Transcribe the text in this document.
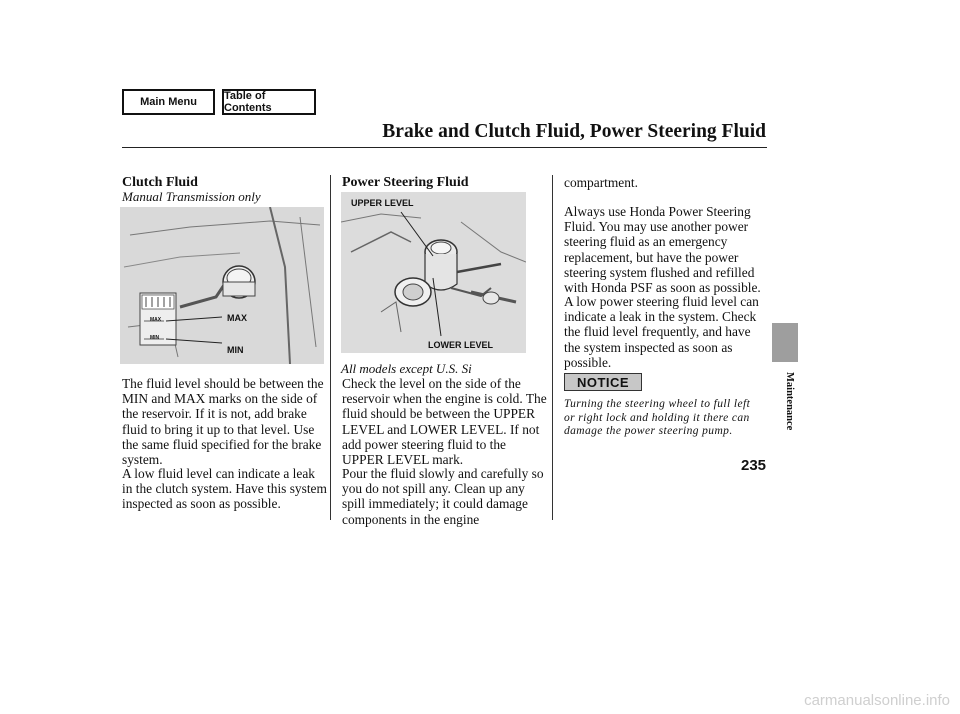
Main Menu	Table of Contents
Brake and Clutch Fluid, Power Steering Fluid
Clutch Fluid
Manual Transmission only
MAX
MIN
MAX
MIN
The fluid level should be between the MIN and MAX marks on the side of the reservoir. If it is not, add brake fluid to bring it up to that level. Use the same fluid specified for the brake system.
A low fluid level can indicate a leak in the clutch system. Have this system inspected as soon as possible.
Power Steering Fluid
UPPER LEVEL
LOWER LEVEL
All models except U.S. Si
Check the level on the side of the reservoir when the engine is cold. The fluid should be between the UPPER LEVEL and LOWER LEVEL. If not add power steering fluid to the UPPER LEVEL mark.
Pour the fluid slowly and carefully so you do not spill any. Clean up any spill immediately; it could damage components in the engine
compartment.
Always use Honda Power Steering Fluid. You may use another power steering fluid as an emergency replacement, but have the power steering system flushed and refilled with Honda PSF as soon as possible.
A low power steering fluid level can indicate a leak in the system. Check the fluid level frequently, and have the system inspected as soon as possible.
NOTICE
Turning the steering wheel to full left or right lock and holding it there can damage the power steering pump.
Maintenance
235
carmanualsonline.info
